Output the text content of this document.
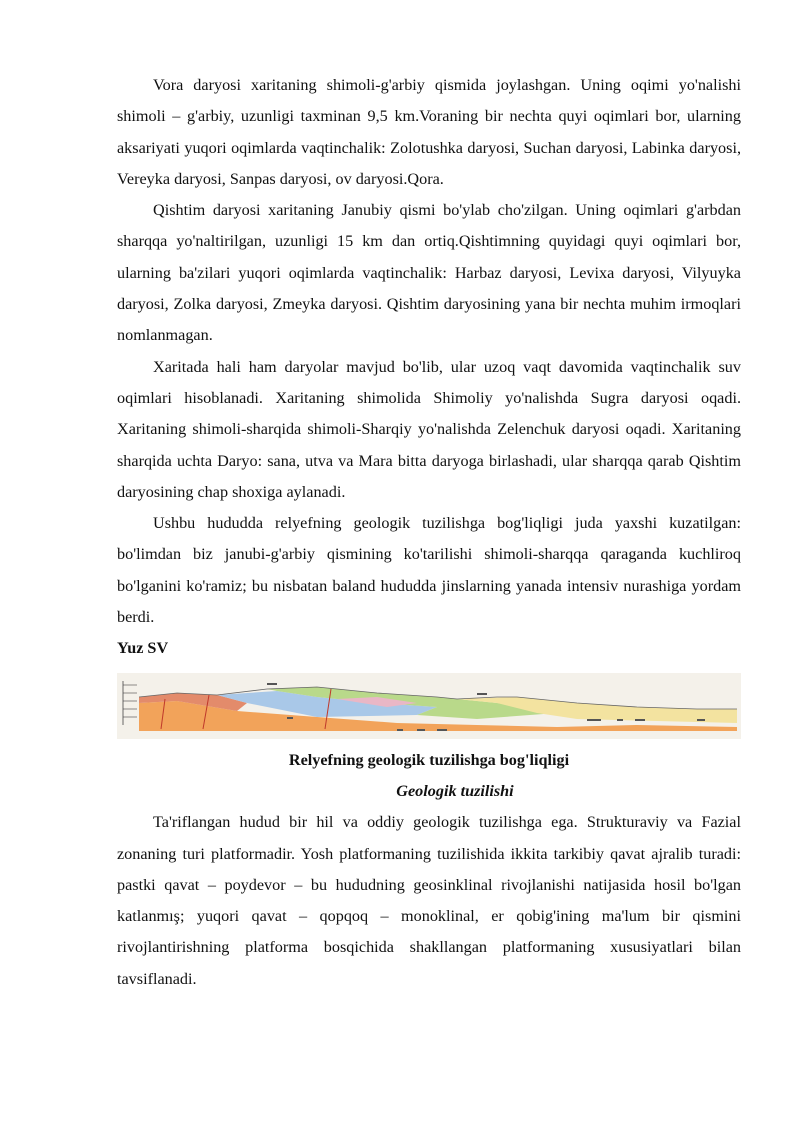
Vora daryosi xaritaning shimoli-g'arbiy qismida joylashgan. Uning oqimi yo'nalishi shimoli – g'arbiy, uzunligi taxminan 9,5 km.Voraning bir nechta quyi oqimlari bor, ularning aksariyati yuqori oqimlarda vaqtinchalik: Zolotushka daryosi, Suchan daryosi, Labinka daryosi, Vereyka daryosi, Sanpas daryosi, ov daryosi.Qora.

Qishtim daryosi xaritaning Janubiy qismi bo'ylab cho'zilgan. Uning oqimlari g'arbdan sharqqa yo'naltirilgan, uzunligi 15 km dan ortiq.Qishtimning quyidagi quyi oqimlari bor, ularning ba'zilari yuqori oqimlarda vaqtinchalik: Harbaz daryosi, Levixa daryosi, Vilyuyka daryosi, Zolka daryosi, Zmeyka daryosi. Qishtim daryosining yana bir nechta muhim irmoqlari nomlanmagan.

Xaritada hali ham daryolar mavjud bo'lib, ular uzoq vaqt davomida vaqtinchalik suv oqimlari hisoblanadi. Xaritaning shimolida Shimoliy yo'nalishda Sugra daryosi oqadi. Xaritaning shimoli-sharqida shimoli-Sharqiy yo'nalishda Zelenchuk daryosi oqadi. Xaritaning sharqida uchta Daryo: sana, utva va Mara bitta daryoga birlashadi, ular sharqqa qarab Qishtim daryosining chap shoxiga aylanadi.

Ushbu hududda relyefning geologik tuzilishga bog'liqligi juda yaxshi kuzatilgan: bo'limdan biz janubi-g'arbiy qismining ko'tarilishi shimoli-sharqqa qaraganda kuchliroq bo'lganini ko'ramiz; bu nisbatan baland hududda jinslarning yanada intensiv nurashiga yordam berdi.

Yuz SV

Relyefning geologik tuzilishga bog'liqligi

Geologik tuzilishi

Ta'riflangan hudud bir hil va oddiy geologik tuzilishga ega. Strukturaviy va Fazial zonaning turi platformadir. Yosh platformaning tuzilishida ikkita tarkibiy qavat ajralib turadi: pastki qavat – poydevor – bu hududning geosinklinal rivojlanishi natijasida hosil bo'lgan katlanmış; yuqori qavat – qopqoq – monoklinal, er qobig'ining ma'lum bir qismini rivojlantirishning platforma bosqichida shakllangan platformaning xususiyatlari bilan tavsiflanadi.
